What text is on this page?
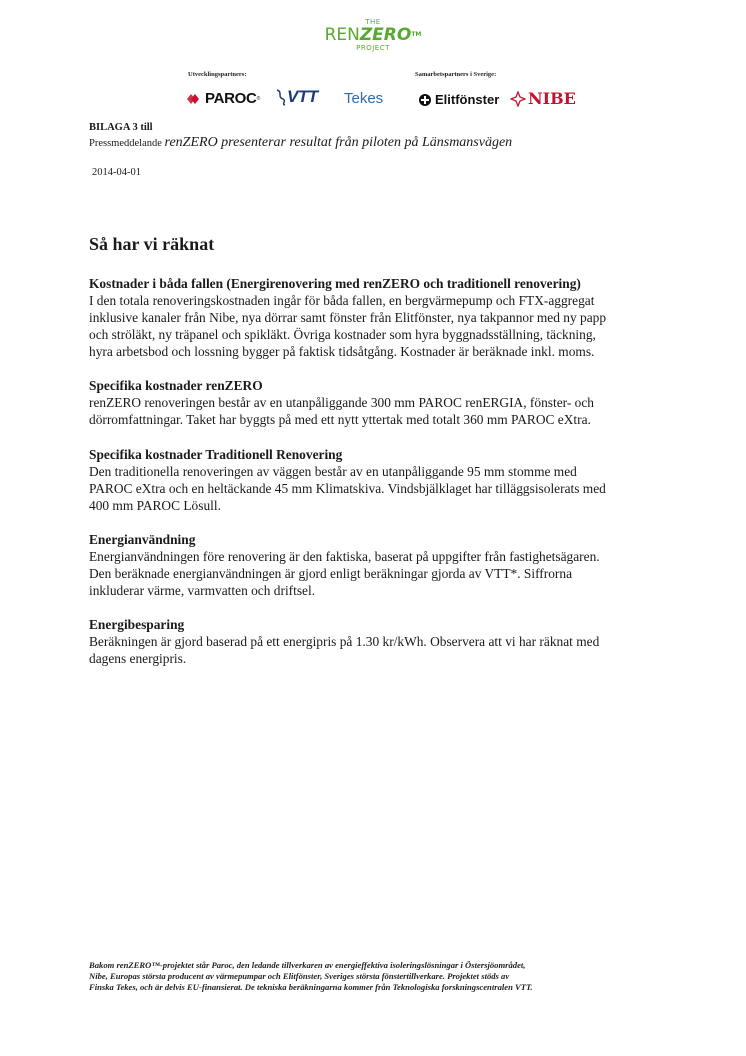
THE
RENZERO™
PROJECT
Utvecklingspartners:	Samarbetspartners i Sverige:
PAROC ® VTT Tekes	Elitfönster NIBE
BILAGA 3 till
Pressmeddelande renZERO presenterar resultat från piloten på Länsmansvägen
2014-04-01
Så har vi räknat
Kostnader i båda fallen (Energirenovering med renZERO och traditionell renovering)
I den totala renoveringskostnaden ingår för båda fallen, en bergvärmepump och FTX-aggregat
inklusive kanaler från Nibe, nya dörrar samt fönster från Elitfönster, nya takpannor med ny papp
och ströläkt, ny träpanel och spikläkt. Övriga kostnader som hyra byggnadsställning, täckning,
hyra arbetsbod och lossning bygger på faktisk tidsåtgång. Kostnader är beräknade inkl. moms.
Specifika kostnader renZERO
renZERO renoveringen består av en utanpåliggande 300 mm PAROC renERGIA, fönster- och
dörromfattningar. Taket har byggts på med ett nytt yttertak med totalt 360 mm PAROC eXtra.
Specifika kostnader Traditionell Renovering
Den traditionella renoveringen av väggen består av en utanpåliggande 95 mm stomme med
PAROC eXtra och en heltäckande 45 mm Klimatskiva. Vindsbjälklaget har tilläggsisolerats med
400 mm PAROC Lösull.
Energianvändning
Energianvändningen före renovering är den faktiska, baserat på uppgifter från fastighetsägaren.
Den beräknade energianvändningen är gjord enligt beräkningar gjorda av VTT*. Siffrorna
inkluderar värme, varmvatten och driftsel.
Energibesparing
Beräkningen är gjord baserad på ett energipris på 1.30 kr/kWh. Observera att vi har räknat med
dagens energipris.
Bakom renZERO™-projektet står Paroc, den ledande tillverkaren av energieffektiva isoleringslösningar i Östersjöområdet,
Nibe, Europas största producent av värmepumpar och Elitfönster, Sveriges största fönstertillverkare. Projektet stöds av
Finska Tekes, och är delvis EU-finansierat. De tekniska beräkningarna kommer från Teknologiska forskningscentralen VTT.
